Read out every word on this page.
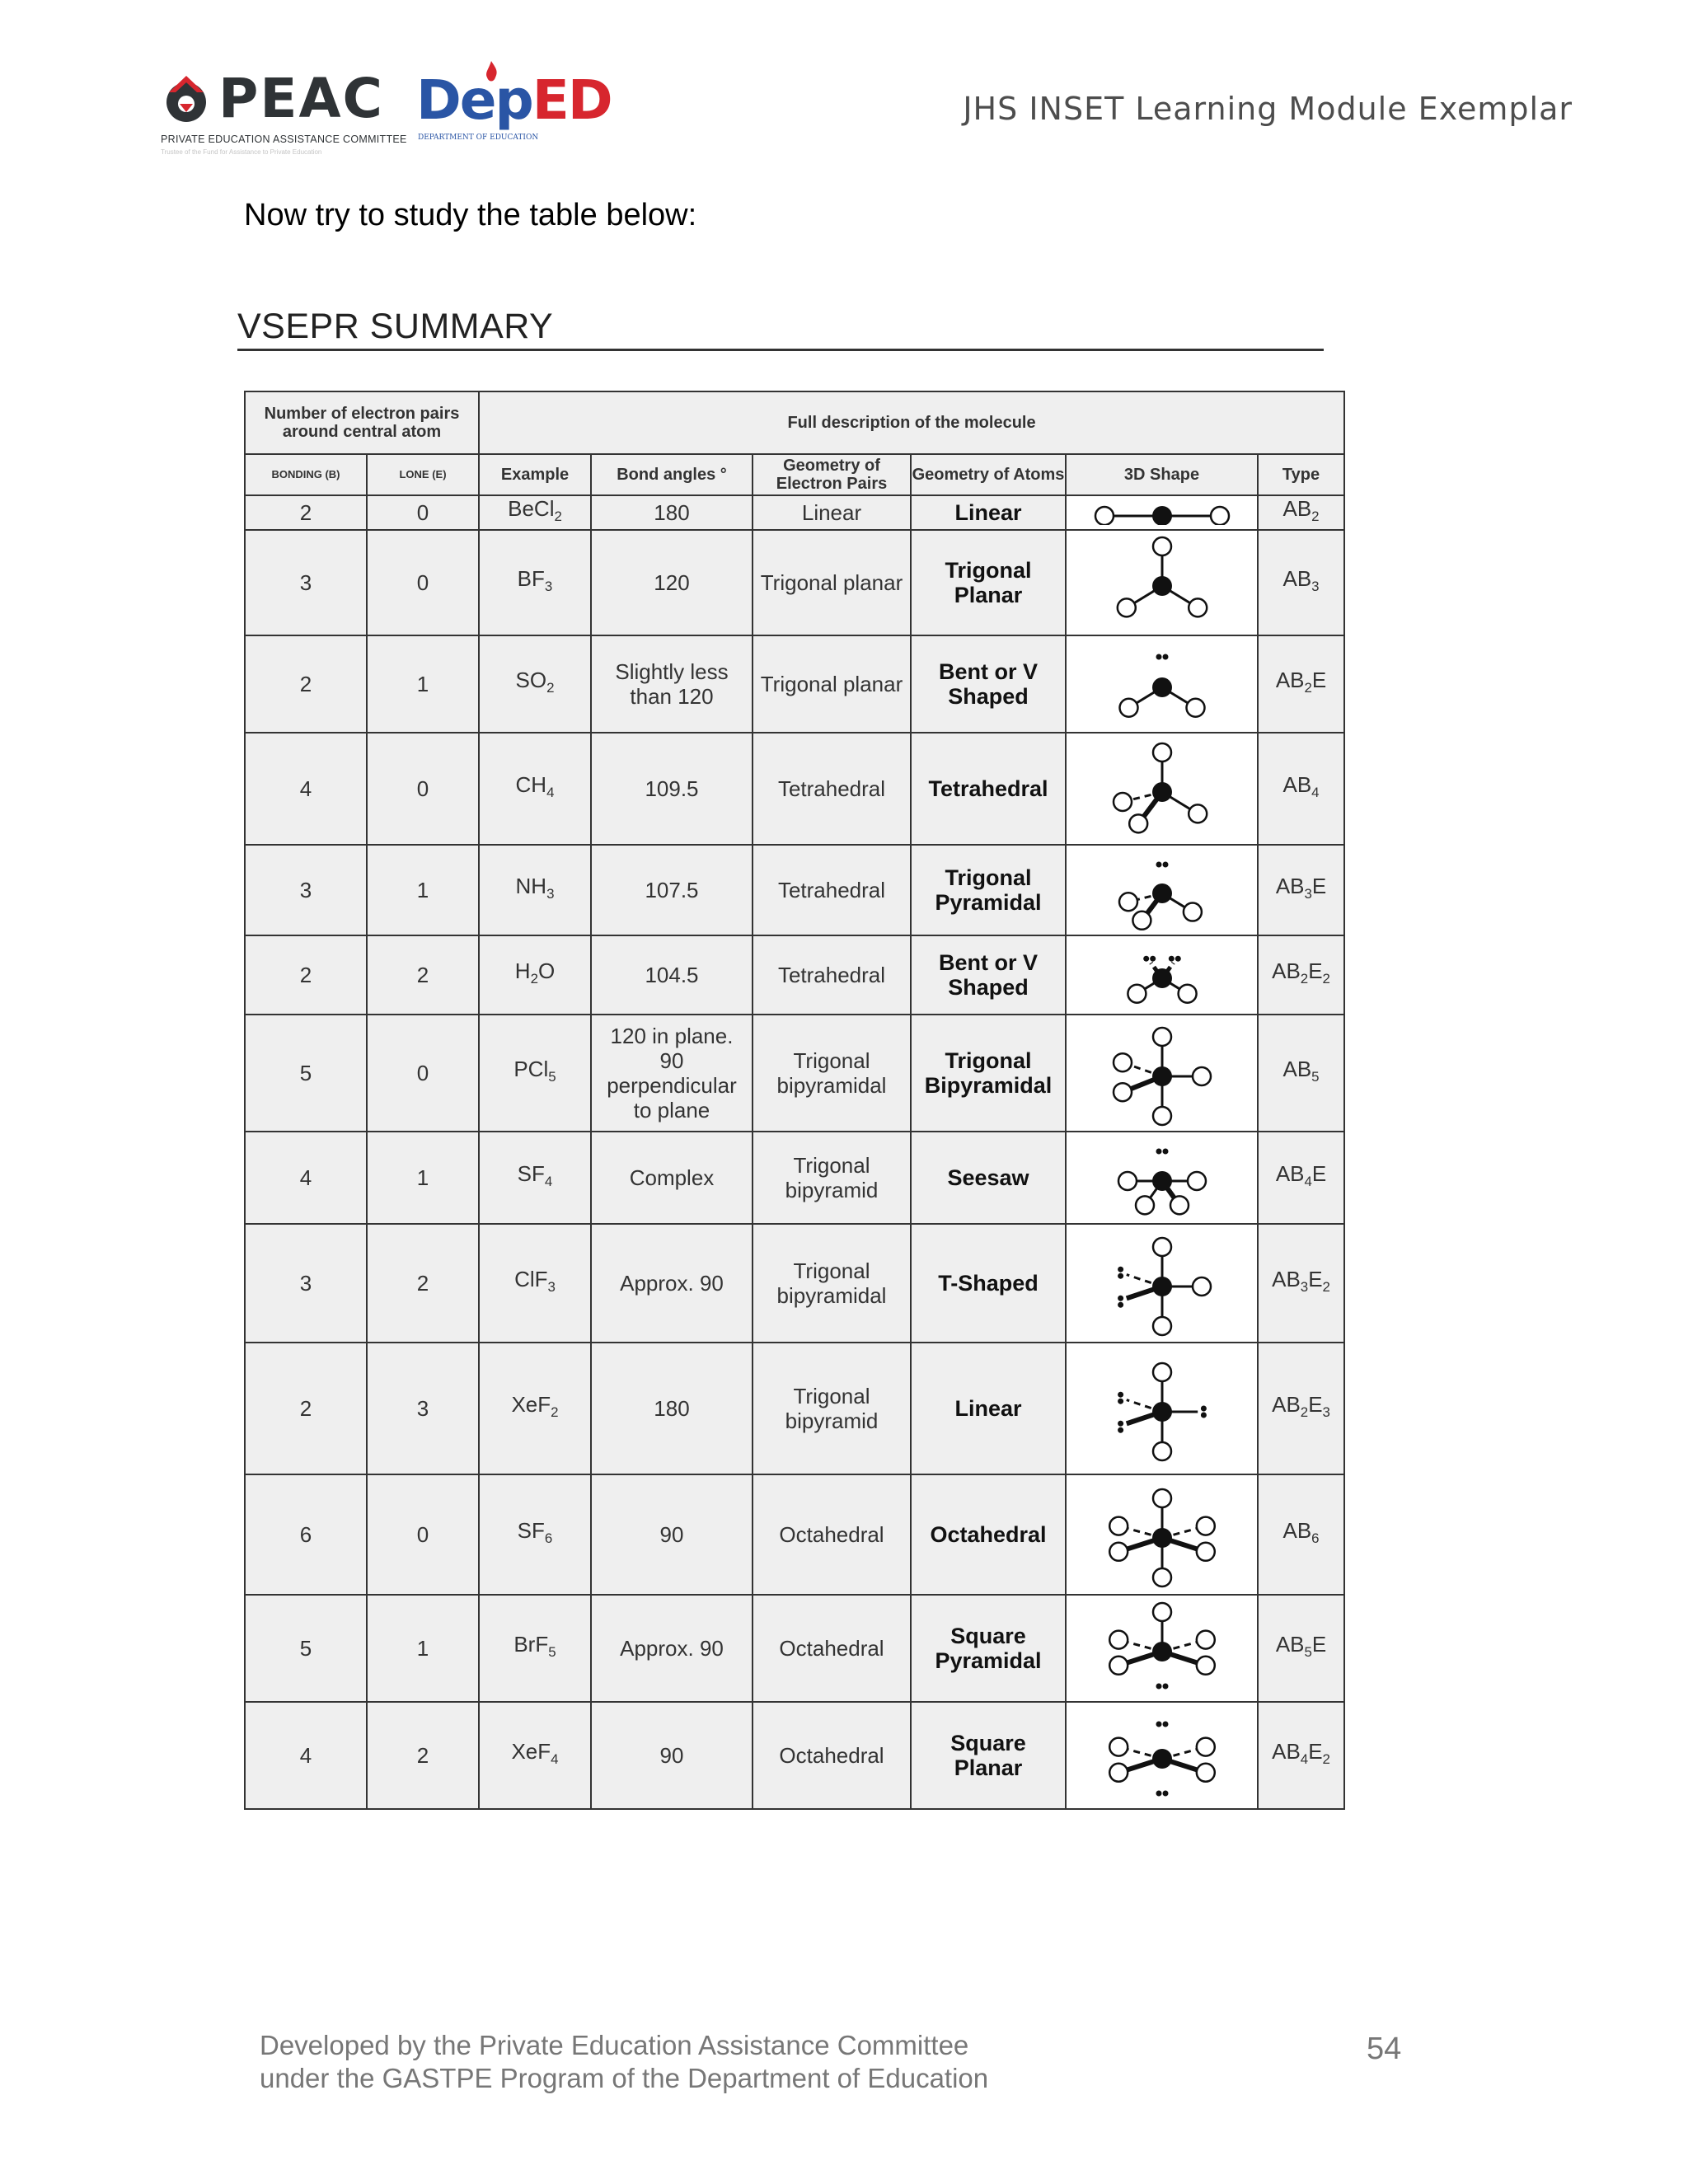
PEAC
PRIVATE EDUCATION ASSISTANCE COMMITTEE
Trustee of the Fund for Assistance to Private Education
DepED
DEPARTMENT OF EDUCATION
JHS INSET Learning Module Exemplar
Now try to study the table below:
VSEPR SUMMARY
Number of electron pairs around central atom		Full description of the molecule					
BONDING (B)	LONE (E)	Example	Bond angles °	Geometry of Electron Pairs	Geometry of Atoms	3D Shape	Type
2	0	BeCl$_2$	180	Linear	Linear		$AB_2$
3	0	$BF_3$	120	Trigonal planar	Trigonal Planar		$AB_3$
2	1	$SO_2$	Slightly less than 120	Trigonal planar	Bent or V Shaped		$AB_2E$
4	0	$CH_4$	109.5	Tetrahedral	Tetrahedral		$AB_4$
3	1	$NH_3$	107.5	Tetrahedral	Trigonal Pyramidal		$AB_3E$
2	2	$H_2O$	104.5	Tetrahedral	Bent or V Shaped		$AB_2E_2$
5	0	PCl$_5$	120 in plane. 90 perpendicular to plane	Trigonal bipyramidal	Trigonal Bipyramidal		$AB_5$
4	1	$SF_4$	Complex	Trigonal bipyramid	Seesaw		$AB_4E$
3	2	ClF$_3$	Approx. 90	Trigonal bipyramidal	T-Shaped		$AB_3E_2$
2	3	XeF$_2$	180	Trigonal bipyramid	Linear		$AB_2E_3$
6	0	$SF_6$	90	Octahedral	Octahedral		$AB_6$
5	1	BrF$_5$	Approx. 90	Octahedral	Square Pyramidal		$AB_5E$
4	2	XeF$_4$	90	Octahedral	Square Planar		$AB_4E_2$
Developed by the Private Education Assistance Committee
under the GASTPE Program of the Department of Education
54
